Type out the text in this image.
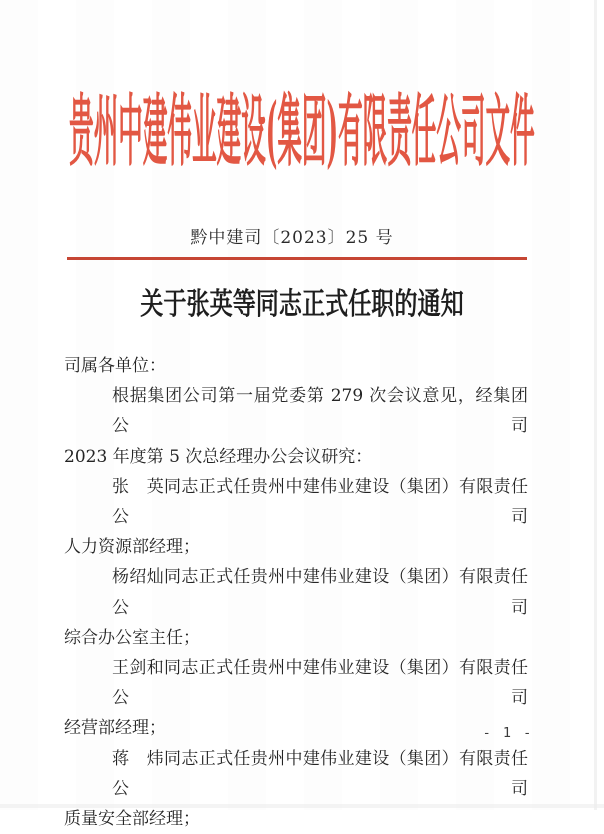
贵州中建伟业建设(集团)有限责任公司文件
黔中建司〔2023〕25 号
关于张英等同志正式任职的通知
司属各单位：
根据集团公司第一届党委第 279 次会议意见，经集团公司
2023 年度第 5 次总经理办公会议研究：
张　英同志正式任贵州中建伟业建设（集团）有限责任公司
人力资源部经理；
杨绍灿同志正式任贵州中建伟业建设（集团）有限责任公司
综合办公室主任；
王剑和同志正式任贵州中建伟业建设（集团）有限责任公司
经营部经理；
蒋　炜同志正式任贵州中建伟业建设（集团）有限责任公司
质量安全部经理；
- 1 -
